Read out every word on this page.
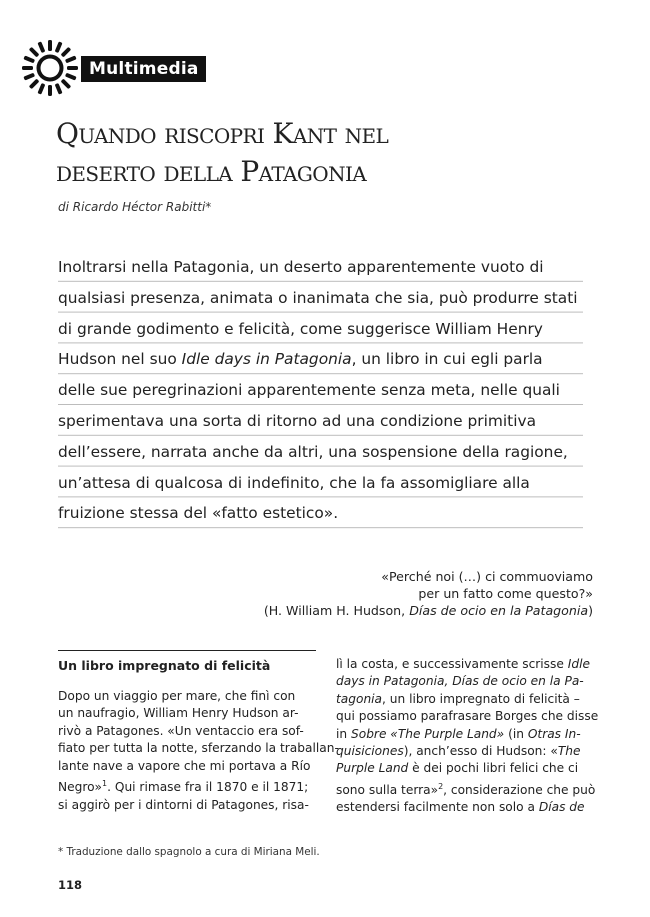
Multimedia
Quando riscopri Kant nel
deserto della Patagonia
di Ricardo Héctor Rabitti*

Inoltrarsi nella Patagonia, un deserto apparentemente vuoto di qualsiasi presenza, animata o inanimata che sia, può produrre stati di grande godimento e felicità, come suggerisce William Henry Hudson nel suo Idle days in Patagonia, un libro in cui egli parla delle sue peregrinazioni apparentemente senza meta, nelle quali sperimentava una sorta di ritorno ad una condizione primitiva dell’essere, narrata anche da altri, una sospensione della ragione, un’attesa di qualcosa di indefinito, che la fa assomigliare alla fruizione stessa del «fatto estetico».

«Perché noi (…) ci commuoviamo
per un fatto come questo?»
(H. William H. Hudson, Días de ocio en la Patagonia)
Un libro impregnato di felicità

Dopo un viaggio per mare, che finì con
un naufragio, William Henry Hudson ar-
rivò a Patagones. «Un ventaccio era sof-
fiato per tutta la notte, sferzando la traballan-
lante nave a vapore che mi portava a Río
Negro»$^1$. Qui rimase fra il 1870 e il 1871;
si aggirò per i dintorni di Patagones, risa-

lì la costa, e successivamente scrisse Idle
days in Patagonia, Días de ocio en la Pa-
tagonia, un libro impregnato di felicità –
qui possiamo parafrasare Borges che disse
in Sobre «The Purple Land» (in Otras In-
quisiciones), anch’esso di Hudson: «The
Purple Land è dei pochi libri felici che ci
sono sulla terra»$^2$, considerazione che può
estendersi facilmente non solo a Días de

* Traduzione dallo spagnolo a cura di Miriana Meli.
118
